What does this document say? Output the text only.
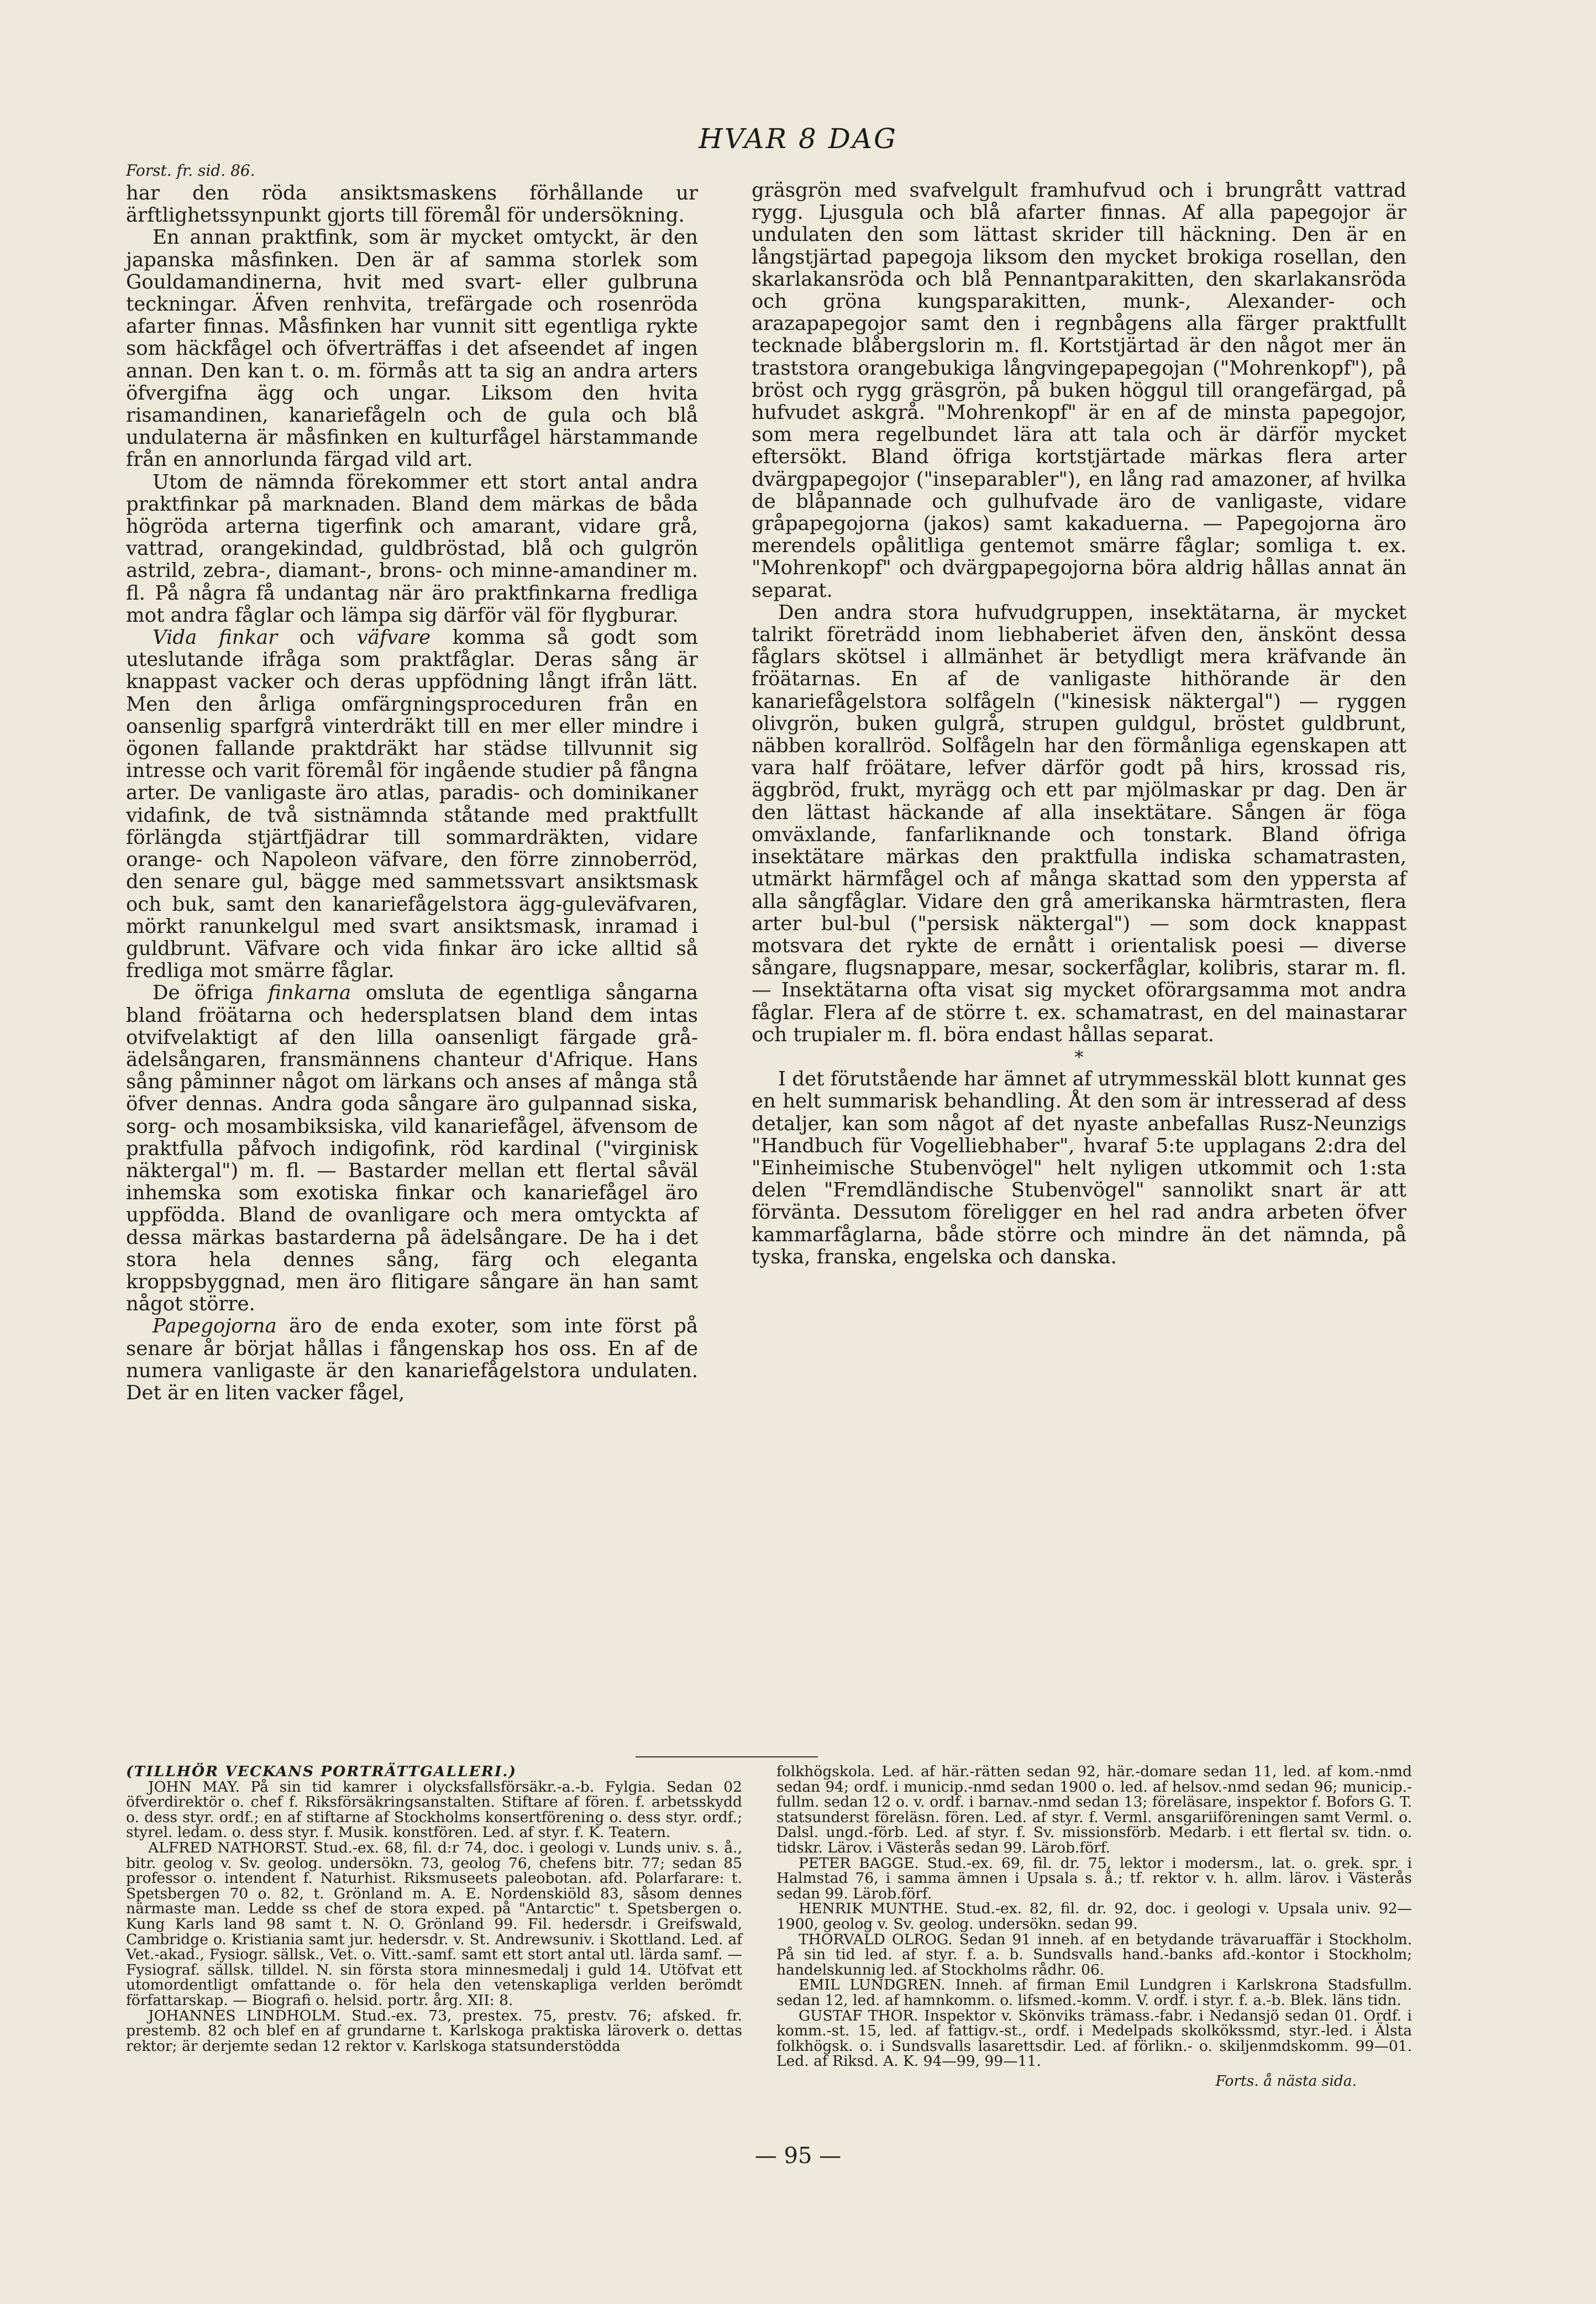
HVAR 8 DAG
Forst. fr. sid. 86.

har den röda ansiktsmaskens förhållande ur ärftlighetssynpunkt gjorts till föremål för undersökning.

En annan praktfink, som är mycket omtyckt, är den japanska måsfinken. Den är af samma storlek som Gouldamandinerna, hvit med svart- eller gulbruna teckningar. Äfven renhvita, trefärgade och rosenröda afarter finnas. Måsfinken har vunnit sitt egentliga rykte som häckfågel och öfverträffas i det afseendet af ingen annan. Den kan t. o. m. förmås att ta sig an andra arters öfvergifna ägg och ungar. Liksom den hvita risamandinen, kanariefågeln och de gula och blå undulaterna är måsfinken en kulturfågel härstammande från en annorlunda färgad vild art.

Utom de nämnda förekommer ett stort antal andra praktfinkar på marknaden. Bland dem märkas de båda högröda arterna tigerfink och amarant, vidare grå, vattrad, orangekindad, guldbröstad, blå och gulgrön astrild, zebra-, diamant-, brons- och minne-amandiner m. fl. På några få undantag när äro praktfinkarna fredliga mot andra fåglar och lämpa sig därför väl för flygburar.

Vida finkar och väfvare komma så godt som uteslutande ifråga som praktfåglar. Deras sång är knappast vacker och deras uppfödning långt ifrån lätt. Men den årliga omfärgningsproceduren från en oansenlig sparfgrå vinterdräkt till en mer eller mindre i ögonen fallande praktdräkt har städse tillvunnit sig intresse och varit föremål för ingående studier på fångna arter. De vanligaste äro atlas, paradis- och dominikaner vidafink, de två sistnämnda ståtande med praktfullt förlängda stjärtfjädrar till sommardräkten, vidare orange- och Napoleon väfvare, den förre zinnoberröd, den senare gul, bägge med sammetssvart ansiktsmask och buk, samt den kanariefågelstora ägg-guleväfvaren, mörkt ranunkelgul med svart ansiktsmask, inramad i guldbrunt. Väfvare och vida finkar äro icke alltid så fredliga mot smärre fåglar.

De öfriga finkarna omsluta de egentliga sångarna bland fröätarna och hedersplatsen bland dem intas otvifvelaktigt af den lilla oansenligt färgade grå-ädelsångaren, fransmännens chanteur d'Afrique. Hans sång påminner något om lärkans och anses af många stå öfver dennas. Andra goda sångare äro gulpannad siska, sorg- och mosambiksiska, vild kanariefågel, äfvensom de praktfulla påfvoch indigofink, röd kardinal ("virginisk näktergal") m. fl. — Bastarder mellan ett flertal såväl inhemska som exotiska finkar och kanariefågel äro uppfödda. Bland de ovanligare och mera omtyckta af dessa märkas bastarderna på ädelsångare. De ha i det stora hela dennes sång, färg och eleganta kroppsbyggnad, men äro flitigare sångare än han samt något större.

Papegojorna äro de enda exoter, som inte först på senare år börjat hållas i fångenskap hos oss. En af de numera vanligaste är den kanariefågelstora undulaten. Det är en liten vacker fågel,

gräsgrön med svafvelgult framhufvud och i brungrått vattrad rygg. Ljusgula och blå afarter finnas. Af alla papegojor är undulaten den som lättast skrider till häckning. Den är en långstjärtad papegoja liksom den mycket brokiga rosellan, den skarlakansröda och blå Pennantparakitten, den skarlakansröda och gröna kungsparakitten, munk-, Alexander- och arazapapegojor samt den i regnbågens alla färger praktfullt tecknade blåbergslorin m. fl. Kortstjärtad är den något mer än traststora orangebukiga långvingepapegojan ("Mohrenkopf"), på bröst och rygg gräsgrön, på buken höggul till orangefärgad, på hufvudet askgrå. "Mohrenkopf" är en af de minsta papegojor, som mera regelbundet lära att tala och är därför mycket eftersökt. Bland öfriga kortstjärtade märkas flera arter dvärgpapegojor ("inseparabler"), en lång rad amazoner, af hvilka de blåpannade och gulhufvade äro de vanligaste, vidare gråpapegojorna (jakos) samt kakaduerna. — Papegojorna äro merendels opålitliga gentemot smärre fåglar; somliga t. ex. "Mohrenkopf" och dvärgpapegojorna böra aldrig hållas annat än separat.

Den andra stora hufvudgruppen, insektätarna, är mycket talrikt företrädd inom liebhaberiet äfven den, änskönt dessa fåglars skötsel i allmänhet är betydligt mera kräfvande än fröätarnas. En af de vanligaste hithörande är den kanariefågelstora solfågeln ("kinesisk näktergal") — ryggen olivgrön, buken gulgrå, strupen guldgul, bröstet guldbrunt, näbben korallröd. Solfågeln har den förmånliga egenskapen att vara half fröätare, lefver därför godt på hirs, krossad ris, äggbröd, frukt, myrägg och ett par mjölmaskar pr dag. Den är den lättast häckande af alla insektätare. Sången är föga omväxlande, fanfarliknande och tonstark. Bland öfriga insektätare märkas den praktfulla indiska schamatrasten, utmärkt härmfågel och af många skattad som den yppersta af alla sångfåglar. Vidare den grå amerikanska härmtrasten, flera arter bul-bul ("persisk näktergal") — som dock knappast motsvara det rykte de ernått i orientalisk poesi — diverse sångare, flugsnappare, mesar, sockerfåglar, kolibris, starar m. fl. — Insektätarna ofta visat sig mycket oförargsamma mot andra fåglar. Flera af de större t. ex. schamatrast, en del mainastarar och trupialer m. fl. böra endast hållas separat.

*

I det förutstående har ämnet af utrymmesskäl blott kunnat ges en helt summarisk behandling. Åt den som är intresserad af dess detaljer, kan som något af det nyaste anbefallas Rusz-Neunzigs "Handbuch für Vogelliebhaber", hvaraf 5:te upplagans 2:dra del "Einheimische Stubenvögel" helt nyligen utkommit och 1:sta delen "Fremdländische Stubenvögel" sannolikt snart är att förvänta. Dessutom föreligger en hel rad andra arbeten öfver kammarfåglarna, både större och mindre än det nämnda, på tyska, franska, engelska och danska.

(TILLHÖR VECKANS PORTRÄTTGALLERI.)

JOHN MAY. På sin tid kamrer i olycksfallsförsäkr.-a.-b. Fylgia. Sedan 02 öfverdirektör o. chef f. Riksförsäkringsanstalten. Stiftare af fören. f. arbetsskydd o. dess styr. ordf.; en af stiftarne af Stockholms konsertförening o. dess styr. ordf.; styrel. ledam. o. dess styr. f. Musik. konstfören. Led. af styr. f. K. Teatern.

ALFRED NATHORST. Stud.-ex. 68, fil. d:r 74, doc. i geologi v. Lunds univ. s. å., bitr. geolog v. Sv. geolog. undersökn. 73, geolog 76, chefens bitr. 77; sedan 85 professor o. intendent f. Naturhist. Riksmuseets paleobotan. afd. Polarfarare: t. Spetsbergen 70 o. 82, t. Grönland m. A. E. Nordenskiöld 83, såsom dennes närmaste man. Ledde ss chef de stora exped. på "Antarctic" t. Spetsbergen o. Kung Karls land 98 samt t. N. O. Grönland 99. Fil. hedersdr. i Greifswald, Cambridge o. Kristiania samt jur. hedersdr. v. St. Andrewsuniv. i Skottland. Led. af Vet.-akad., Fysiogr. sällsk., Vet. o. Vitt.-samf. samt ett stort antal utl. lärda samf. — Fysiograf. sällsk. tilldel. N. sin första stora minnesmedalj i guld 14. Utöfvat ett utomordentligt omfattande o. för hela den vetenskapliga verlden berömdt författarskap. — Biografi o. helsid. portr. årg. XII: 8.

JOHANNES LINDHOLM. Stud.-ex. 73, prestex. 75, prestv. 76; afsked. fr. prestemb. 82 och blef en af grundarne t. Karlskoga praktiska läroverk o. dettas rektor; är derjemte sedan 12 rektor v. Karlskoga statsunderstödda

folkhögskola. Led. af här.-rätten sedan 92, här.-domare sedan 11, led. af kom.-nmd sedan 94; ordf. i municip.-nmd sedan 1900 o. led. af helsov.-nmd sedan 96; municip.-fullm. sedan 12 o. v. ordf. i barnav.-nmd sedan 13; föreläsare, inspektor f. Bofors G. T. statsunderst föreläsn. fören. Led. af styr. f. Verml. ansgariiföreningen samt Verml. o. Dalsl. ungd.-förb. Led. af styr. f. Sv. missionsförb. Medarb. i ett flertal sv. tidn. o. tidskr. Lärov. i Västerås sedan 99. Lärob.förf.

PETER BAGGE. Stud.-ex. 69, fil. dr. 75, lektor i modersm., lat. o. grek. spr. i Halmstad 76, i samma ämnen i Upsala s. å.; tf. rektor v. h. allm. lärov. i Västerås sedan 99. Lärob.förf.

HENRIK MUNTHE. Stud.-ex. 82, fil. dr. 92, doc. i geologi v. Upsala univ. 92—1900, geolog v. Sv. geolog. undersökn. sedan 99.

THORVALD OLROG. Sedan 91 inneh. af en betydande trävaruaffär i Stockholm. På sin tid led. af styr. f. a. b. Sundsvalls hand.-banks afd.-kontor i Stockholm; handelskunnig led. af Stockholms rådhr. 06.

EMIL LUNDGREN. Inneh. af firman Emil Lundgren i Karlskrona Stadsfullm. sedan 12, led. af hamnkomm. o. lifsmed.-komm. V. ordf. i styr. f. a.-b. Blek. läns tidn.

GUSTAF THOR. Inspektor v. Skönviks trämass.-fabr. i Nedansjö sedan 01. Ordf. i komm.-st. 15, led. af fattigv.-st., ordf. i Medelpads skolkökssmd, styr.-led. i Älsta folkhögsk. o. i Sundsvalls lasarettsdir. Led. af förlikn.- o. skiljenmdskomm. 99—01. Led. af Riksd. A. K. 94—99, 99—11.

Forts. å nästa sida.
— 95 —
